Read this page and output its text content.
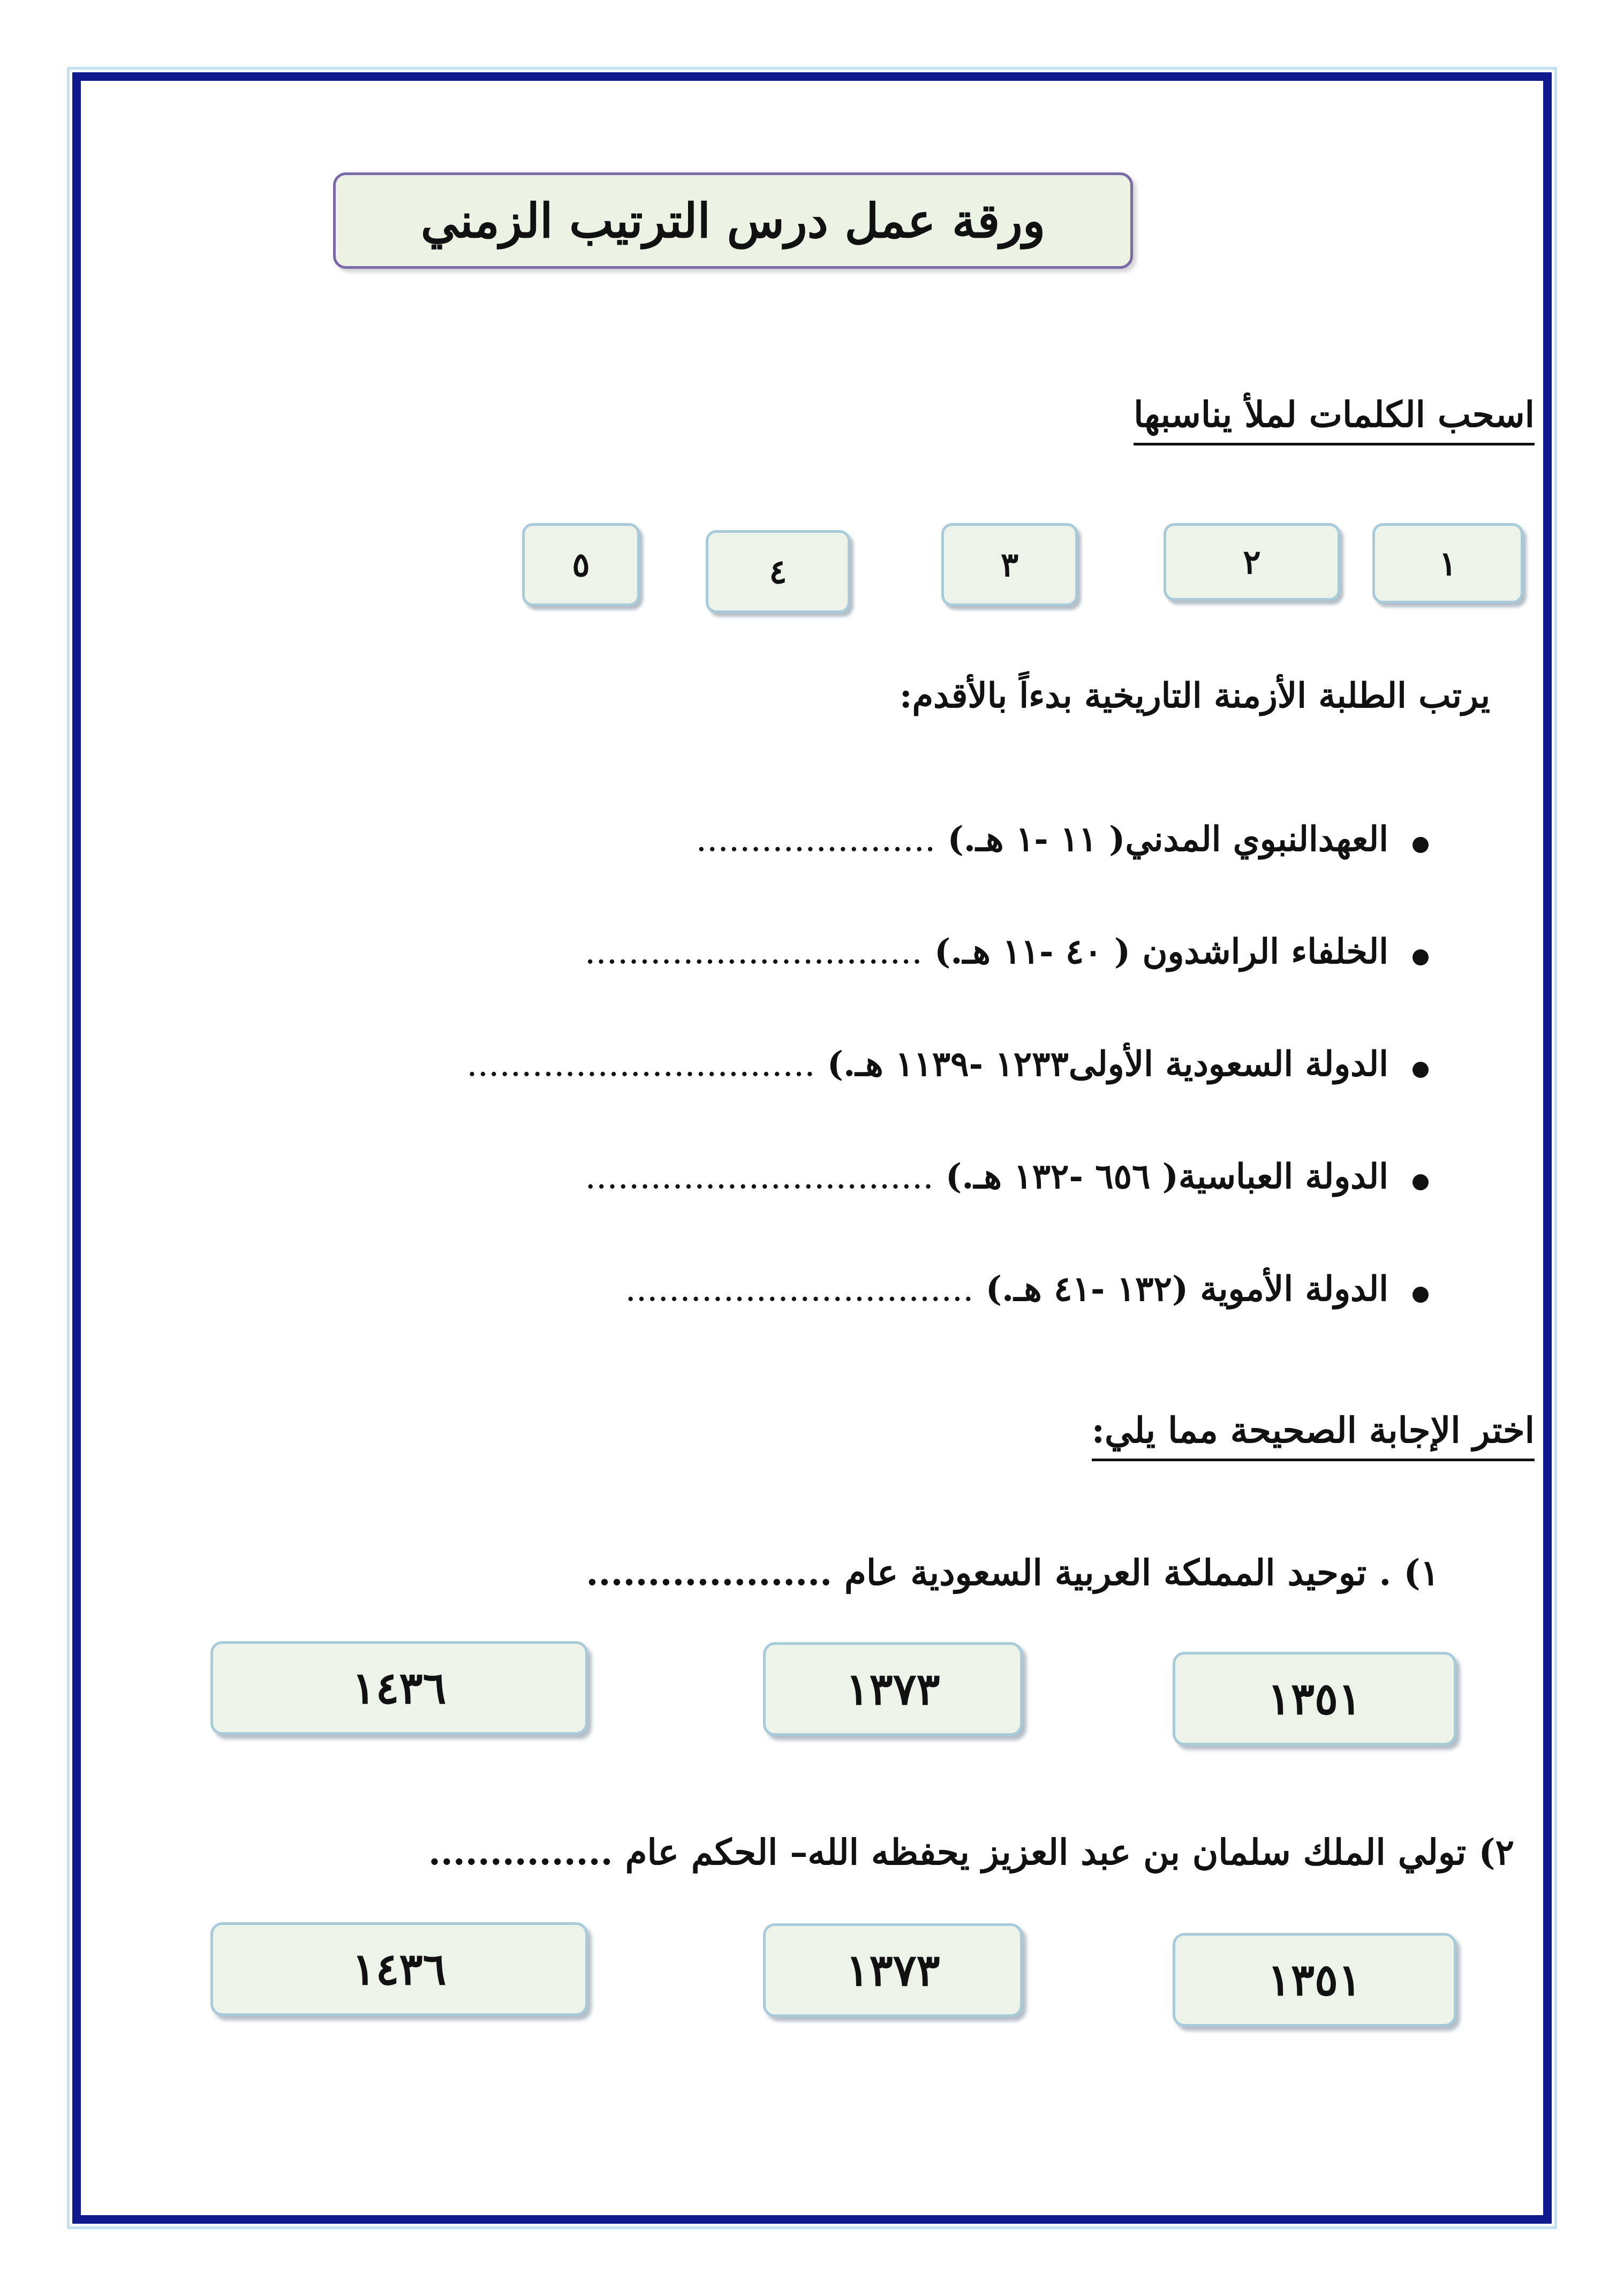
ورقة عمل درس الترتيب الزمني
اسحب الكلمات لملأ يناسبها
١
٢
٣
٤
٥
يرتب الطلبة الأزمنة التاريخية بدءاً بالأقدم:
العهدالنبوي المدني( ١١ -١ هـ.) ......................
الخلفاء الراشدون ( ٤٠ -١١ هـ.) ...............................
الدولة السعودية الأولى١٢٣٣ -١١٣٩ هـ.) ................................
الدولة العباسية( ٦٥٦ -١٣٢ هـ.) ................................
الدولة الأموية (١٣٢ -٤١ هـ.) ................................
اختر الإجابة الصحيحة مما يلي:
١) . توحيد المملكة العربية السعودية عام ....................
١٣٥١
١٣٧٣
١٤٣٦
٢) تولي الملك سلمان بن عبد العزيز يحفظه الله– الحكم عام ...............
١٣٥١
١٣٧٣
١٤٣٦
